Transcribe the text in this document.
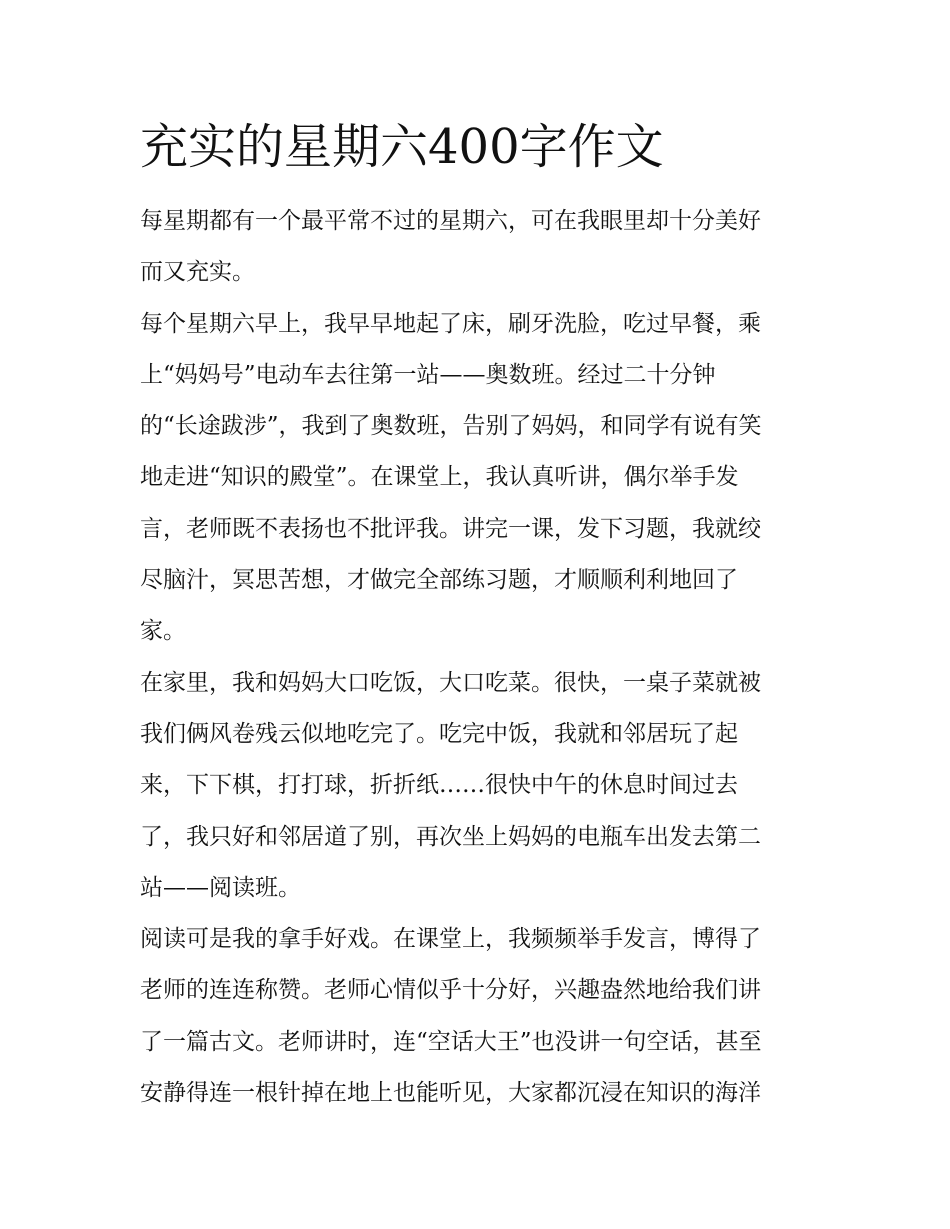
充实的星期六400字作文
每星期都有一个最平常不过的星期六，可在我眼里却十分美好
而又充实。
每个星期六早上，我早早地起了床，刷牙洗脸，吃过早餐，乘
上“妈妈号”电动车去往第一站——奥数班。经过二十分钟
的“长途跋涉”，我到了奥数班，告别了妈妈，和同学有说有笑
地走进“知识的殿堂”。在课堂上，我认真听讲，偶尔举手发
言，老师既不表扬也不批评我。讲完一课，发下习题，我就绞
尽脑汁，冥思苦想，才做完全部练习题，才顺顺利利地回了
家。
在家里，我和妈妈大口吃饭，大口吃菜。很快，一桌子菜就被
我们俩风卷残云似地吃完了。吃完中饭，我就和邻居玩了起
来，下下棋，打打球，折折纸……很快中午的休息时间过去
了，我只好和邻居道了别，再次坐上妈妈的电瓶车出发去第二
站——阅读班。
阅读可是我的拿手好戏。在课堂上，我频频举手发言，博得了
老师的连连称赞。老师心情似乎十分好，兴趣盎然地给我们讲
了一篇古文。老师讲时，连“空话大王”也没讲一句空话，甚至
安静得连一根针掉在地上也能听见，大家都沉浸在知识的海洋
